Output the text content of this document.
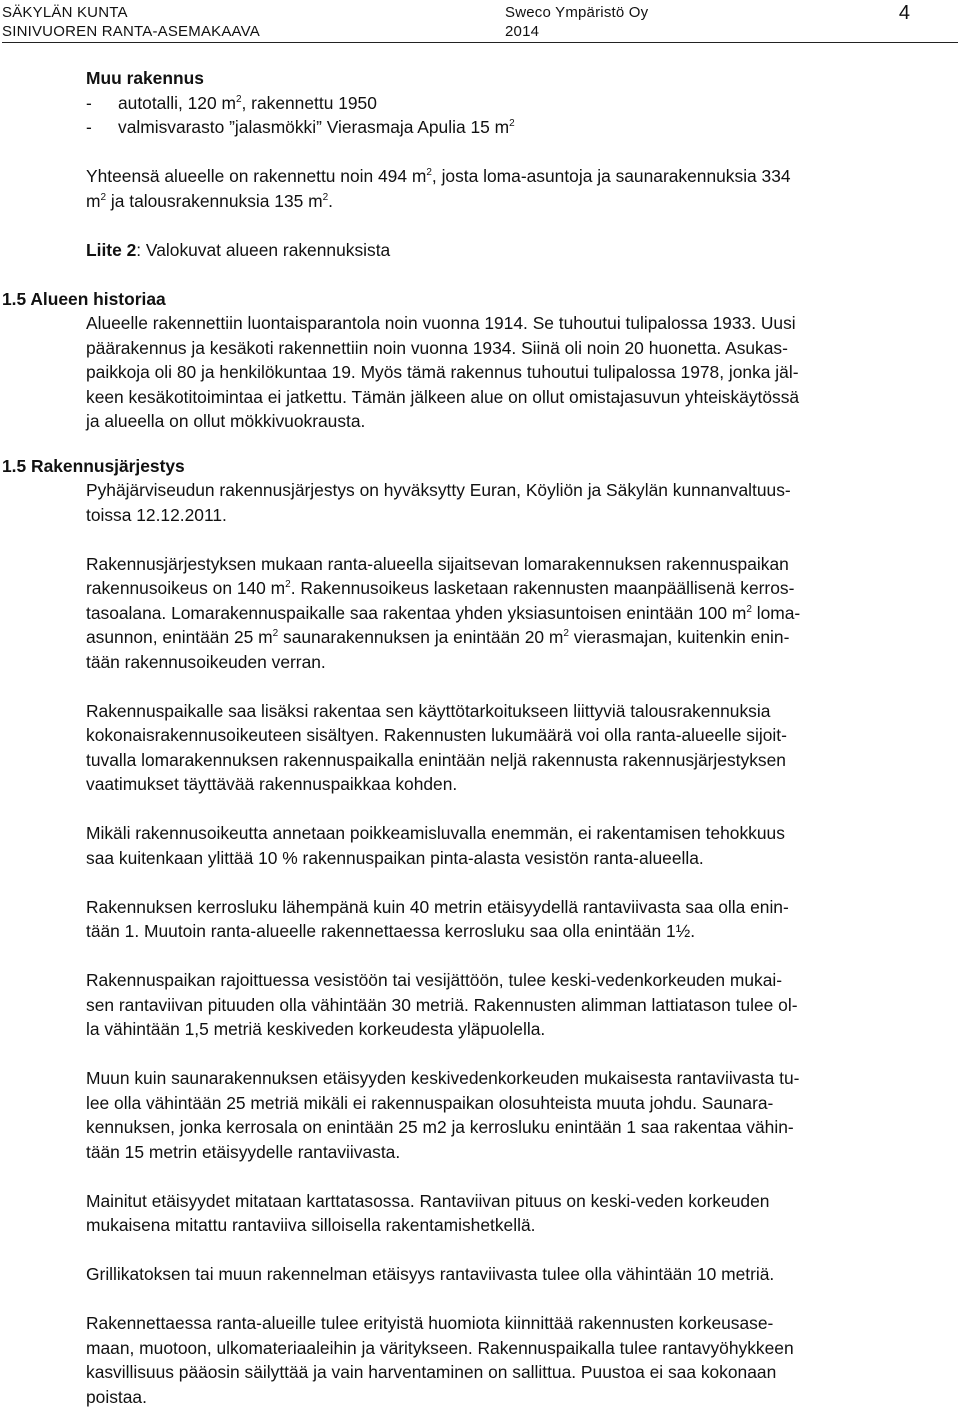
SÄKYLÄN KUNTA
SINIVUOREN RANTA-ASEMAKAAVA
Sweco Ympäristö Oy
2014
4
Muu rakennus
-	autotalli, 120 $m^2$, rakennettu 1950
-	valmisvarasto ”jalasmökki” Vierasmaja Apulia 15 $m^2$
Yhteensä alueelle on rakennettu noin 494 $m^2$, josta loma-asuntoja ja saunarakennuksia 334
$m^2$ ja talousrakennuksia 135 $m^2$.
Liite 2: Valokuvat alueen rakennuksista
1.5 Alueen historiaa
Alueelle rakennettiin luontaisparantola noin vuonna 1914. Se tuhoutui tulipalossa 1933. Uusi
päärakennus ja kesäkoti rakennettiin noin vuonna 1934. Siinä oli noin 20 huonetta. Asukas-
paikkoja oli 80 ja henkilökuntaa 19. Myös tämä rakennus tuhoutui tulipalossa 1978, jonka jäl-
keen kesäkotitoimintaa ei jatkettu. Tämän jälkeen alue on ollut omistajasuvun yhteiskäytössä
ja alueella on ollut mökkivuokrausta.
1.5 Rakennusjärjestys
Pyhäjärviseudun rakennusjärjestys on hyväksytty Euran, Köyliön ja Säkylän kunnanvaltuus-
toissa 12.12.2011.
Rakennusjärjestyksen mukaan ranta-alueella sijaitsevan lomarakennuksen rakennuspaikan
rakennusoikeus on 140 $m^2$. Rakennusoikeus lasketaan rakennusten maanpäällisenä kerros-
tasoalana. Lomarakennuspaikalle saa rakentaa yhden yksiasuntoisen enintään 100 $m^2$ loma-
asunnon, enintään 25 $m^2$ saunarakennuksen ja enintään 20 $m^2$ vierasmajan, kuitenkin enin-
tään rakennusoikeuden verran.
Rakennuspaikalle saa lisäksi rakentaa sen käyttötarkoitukseen liittyviä talousrakennuksia
kokonaisrakennusoikeuteen sisältyen. Rakennusten lukumäärä voi olla ranta-alueelle sijoit-
tuvalla lomarakennuksen rakennuspaikalla enintään neljä rakennusta rakennusjärjestyksen
vaatimukset täyttävää rakennuspaikkaa kohden.
Mikäli rakennusoikeutta annetaan poikkeamisluvalla enemmän, ei rakentamisen tehokkuus
saa kuitenkaan ylittää 10 % rakennuspaikan pinta-alasta vesistön ranta-alueella.
Rakennuksen kerrosluku lähempänä kuin 40 metrin etäisyydellä rantaviivasta saa olla enin-
tään 1. Muutoin ranta-alueelle rakennettaessa kerrosluku saa olla enintään 1½.
Rakennuspaikan rajoittuessa vesistöön tai vesijättöön, tulee keski-vedenkorkeuden mukai-
sen rantaviivan pituuden olla vähintään 30 metriä. Rakennusten alimman lattiatason tulee ol-
la vähintään 1,5 metriä keskiveden korkeudesta yläpuolella.
Muun kuin saunarakennuksen etäisyyden keskivedenkorkeuden mukaisesta rantaviivasta tu-
lee olla vähintään 25 metriä mikäli ei rakennuspaikan olosuhteista muuta johdu. Saunara-
kennuksen, jonka kerrosala on enintään 25 m2 ja kerrosluku enintään 1 saa rakentaa vähin-
tään 15 metrin etäisyydelle rantaviivasta.
Mainitut etäisyydet mitataan karttatasossa. Rantaviivan pituus on keski-veden korkeuden
mukaisena mitattu rantaviiva silloisella rakentamishetkellä.
Grillikatoksen tai muun rakennelman etäisyys rantaviivasta tulee olla vähintään 10 metriä.
Rakennettaessa ranta-alueille tulee erityistä huomiota kiinnittää rakennusten korkeusase-
maan, muotoon, ulkomateriaaleihin ja väritykseen. Rakennuspaikalla tulee rantavyöhykkeen
kasvillisuus pääosin säilyttää ja vain harventaminen on sallittua. Puustoa ei saa kokonaan
poistaa.
